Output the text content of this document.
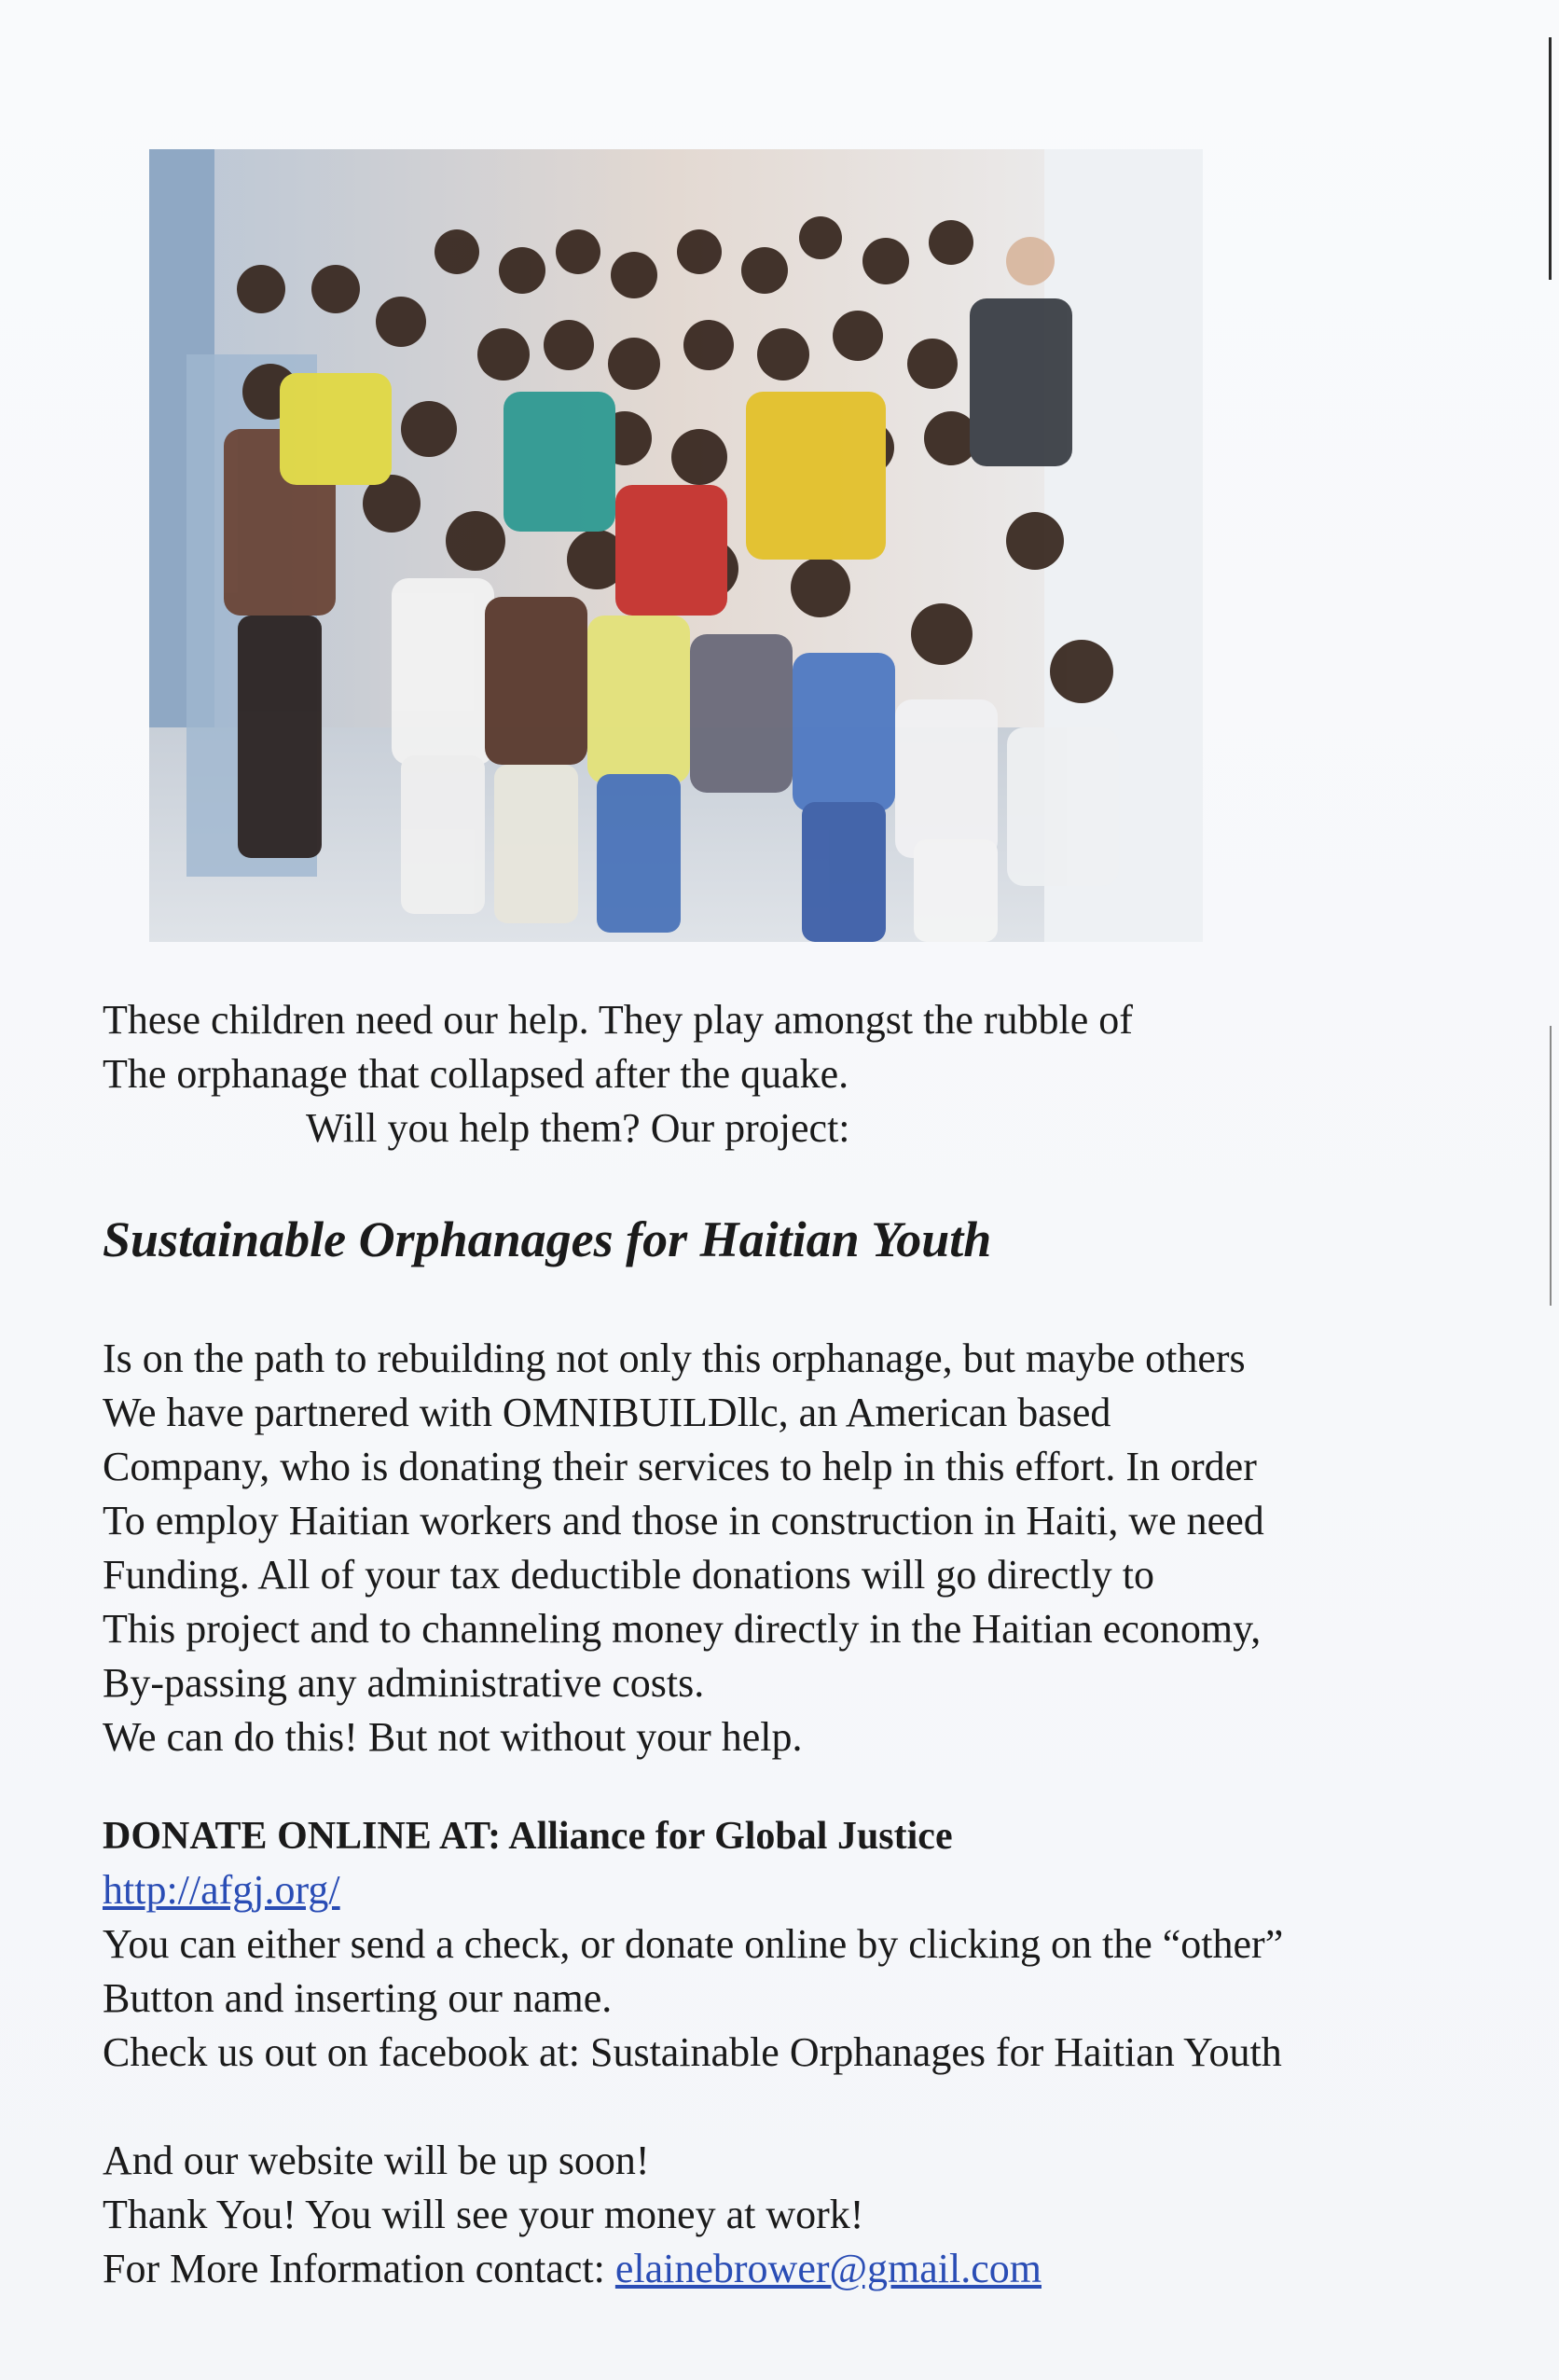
These children need our help. They play amongst the rubble of

The orphanage that collapsed after the quake.

Will you help them? Our project:

Sustainable Orphanages for Haitian Youth

Is on the path to rebuilding not only this orphanage, but maybe others

We have partnered with OMNIBUILDllc, an American based

Company, who is donating their services to help in this effort. In order

To employ Haitian workers and those in construction in Haiti, we need

Funding. All of your tax deductible donations will go directly to

This project and to channeling money directly in the Haitian economy,

By-passing any administrative costs.

We can do this! But not without your help.

DONATE ONLINE AT: Alliance for Global Justice

http://afgj.org/

You can either send a check, or donate online by clicking on the “other”

Button and inserting our name.

Check us out on facebook at: Sustainable Orphanages for Haitian Youth

And our website will be up soon!

Thank You! You will see your money at work!

For More Information contact: elainebrower@gmail.com
